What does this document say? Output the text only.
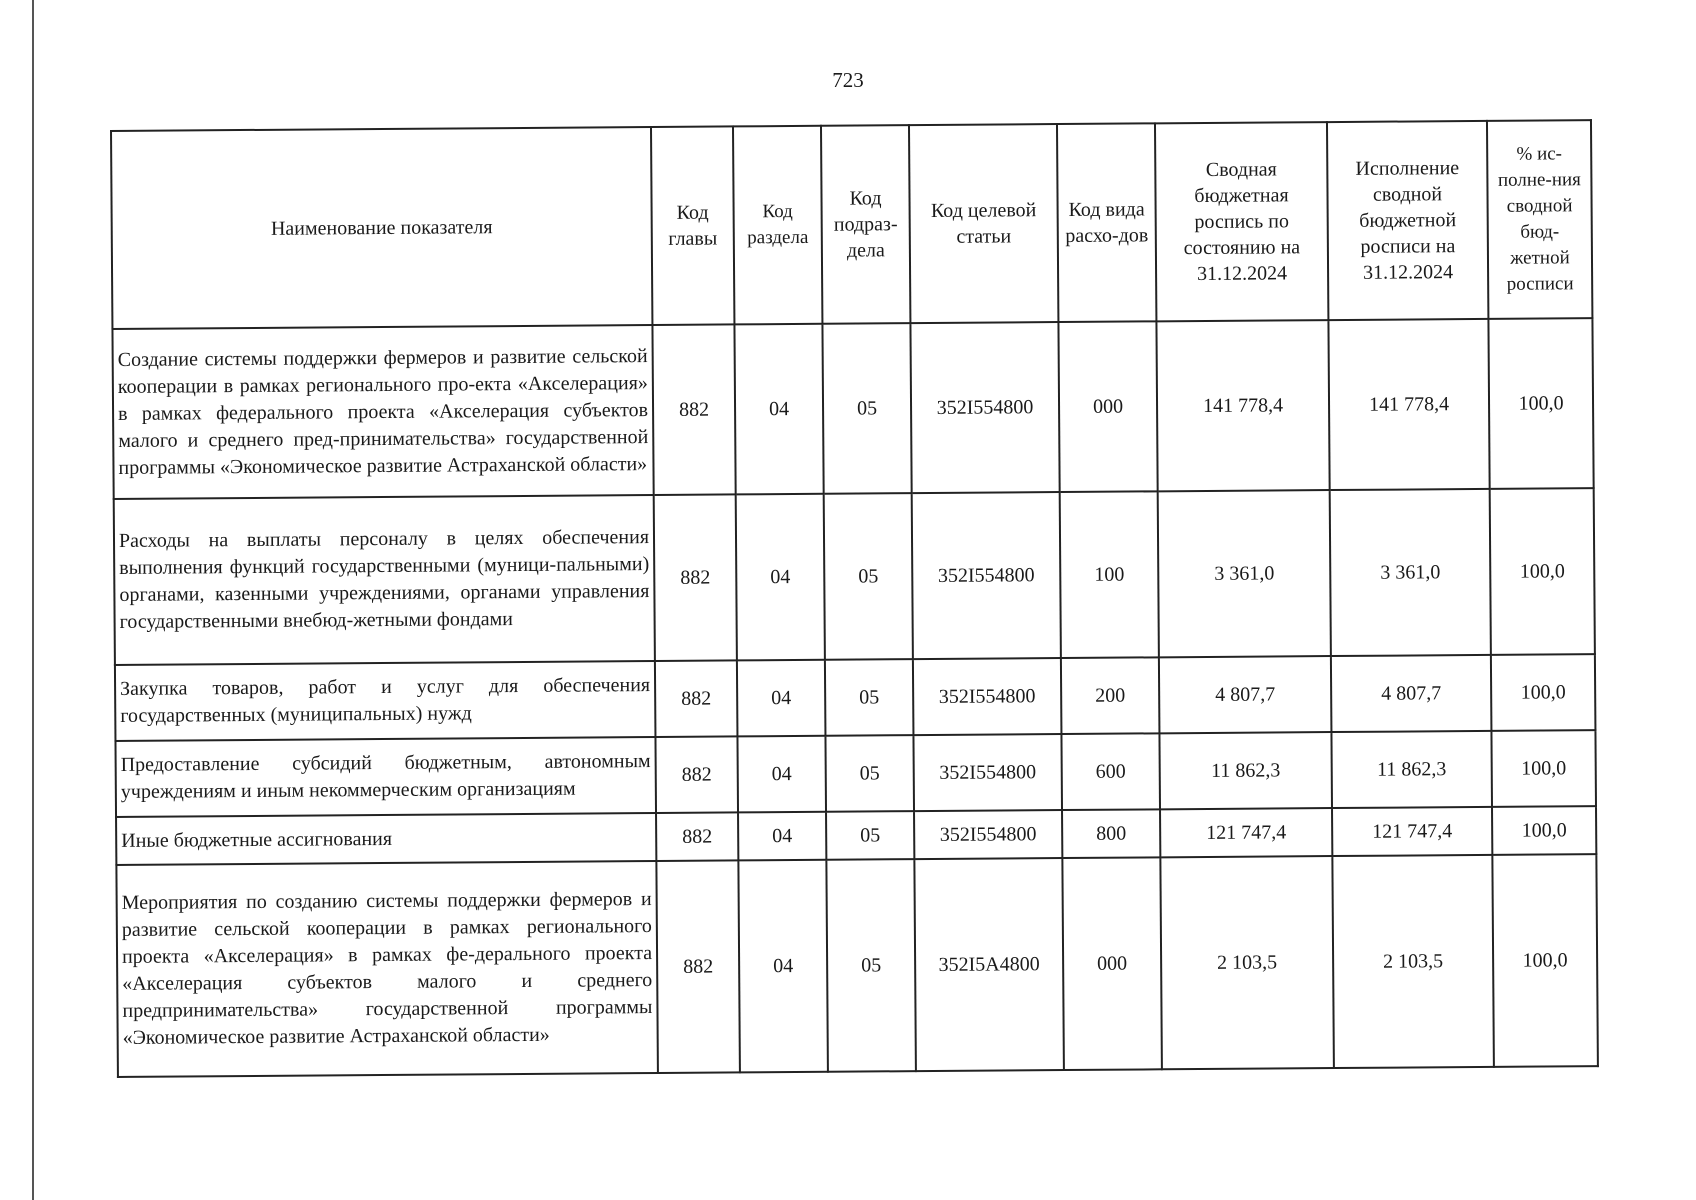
723
Наименование показателя	Код главы	Код раздела	Код подраз-дела	Код целевой статьи	Код вида расхо-дов	Сводная бюджетная роспись по состоянию на 31.12.2024	Исполнение сводной бюджетной росписи на 31.12.2024	% ис-полне-ния сводной бюд-жетной росписи
Создание системы поддержки фермеров и развитие сельской кооперации в рамках регионального про-екта «Акселерация» в рамках федерального проекта «Акселерация субъектов малого и среднего пред-принимательства» государственной программы «Экономическое развитие Астраханской области»	882	04	05	352I554800	000	141 778,4	141 778,4	100,0
Расходы на выплаты персоналу в целях обеспечения выполнения функций государственными (муници-пальными) органами, казенными учреждениями, органами управления государственными внебюд-жетными фондами	882	04	05	352I554800	100	3 361,0	3 361,0	100,0
Закупка товаров, работ и услуг для обеспечения государственных (муниципальных) нужд	882	04	05	352I554800	200	4 807,7	4 807,7	100,0
Предоставление субсидий бюджетным, автономным учреждениям и иным некоммерческим организациям	882	04	05	352I554800	600	11 862,3	11 862,3	100,0
Иные бюджетные ассигнования	882	04	05	352I554800	800	121 747,4	121 747,4	100,0
Мероприятия по созданию системы поддержки фермеров и развитие сельской кооперации в рамках регионального проекта «Акселерация» в рамках фе-дерального проекта «Акселерация субъектов малого и среднего предпринимательства» государственной программы «Экономическое развитие Астраханской области»	882	04	05	352I5A4800	000	2 103,5	2 103,5	100,0
